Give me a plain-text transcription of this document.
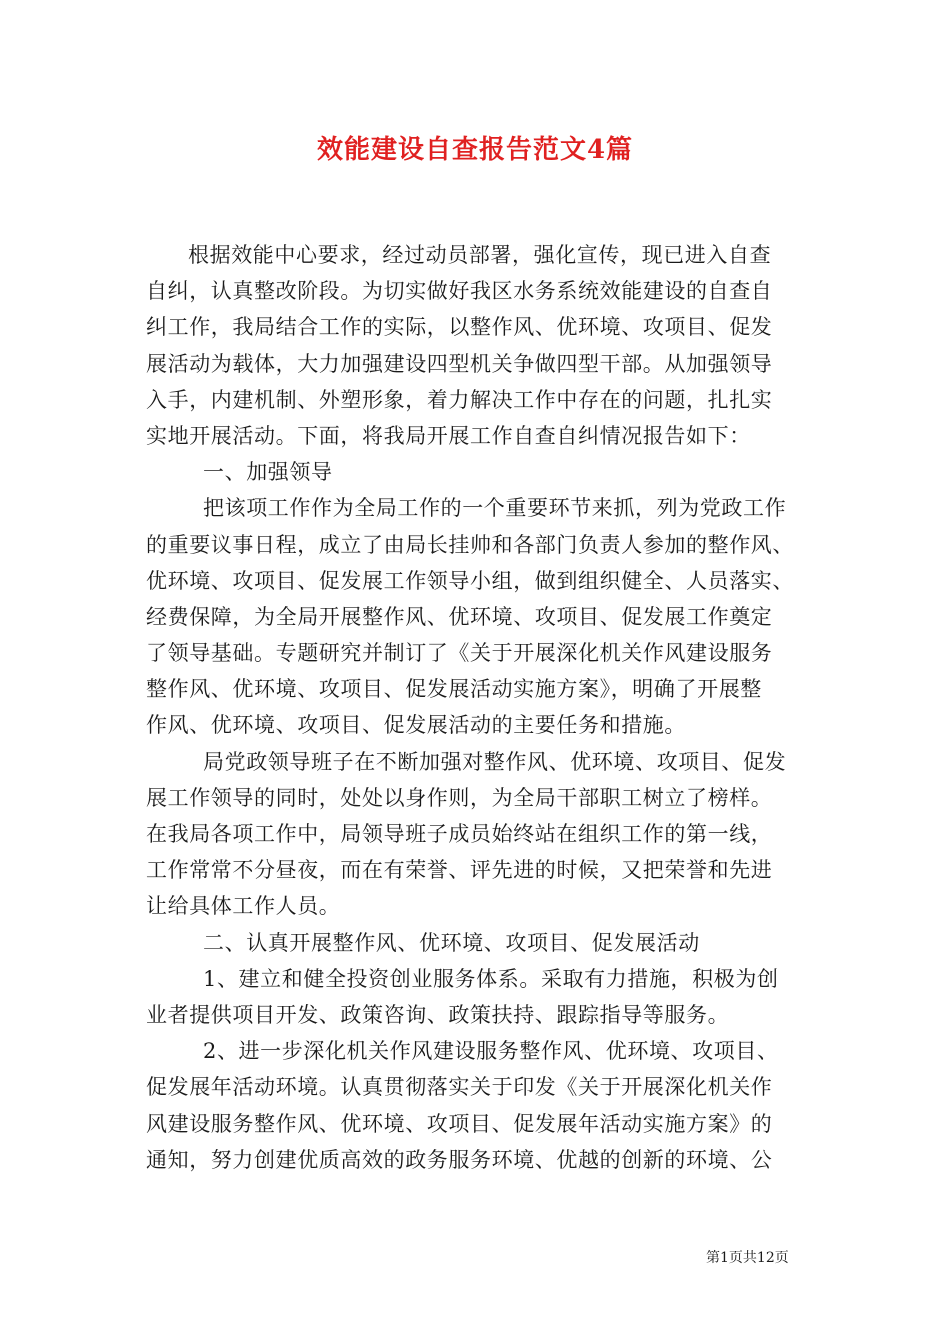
效能建设自查报告范文4篇
根据效能中心要求，经过动员部署，强化宣传，现已进入自查
自纠，认真整改阶段。为切实做好我区水务系统效能建设的自查自
纠工作，我局结合工作的实际，以整作风、优环境、攻项目、促发
展活动为载体，大力加强建设四型机关争做四型干部。从加强领导
入手，内建机制、外塑形象，着力解决工作中存在的问题，扎扎实
实地开展活动。下面，将我局开展工作自查自纠情况报告如下：
一、加强领导
把该项工作作为全局工作的一个重要环节来抓，列为党政工作
的重要议事日程，成立了由局长挂帅和各部门负责人参加的整作风、
优环境、攻项目、促发展工作领导小组，做到组织健全、人员落实、
经费保障，为全局开展整作风、优环境、攻项目、促发展工作奠定
了领导基础。专题研究并制订了《关于开展深化机关作风建设服务
整作风、优环境、攻项目、促发展活动实施方案》，明确了开展整
作风、优环境、攻项目、促发展活动的主要任务和措施。
局党政领导班子在不断加强对整作风、优环境、攻项目、促发
展工作领导的同时，处处以身作则，为全局干部职工树立了榜样。
在我局各项工作中，局领导班子成员始终站在组织工作的第一线，
工作常常不分昼夜，而在有荣誉、评先进的时候，又把荣誉和先进
让给具体工作人员。
二、认真开展整作风、优环境、攻项目、促发展活动
1、建立和健全投资创业服务体系。采取有力措施，积极为创
业者提供项目开发、政策咨询、政策扶持、跟踪指导等服务。
2、进一步深化机关作风建设服务整作风、优环境、攻项目、
促发展年活动环境。认真贯彻落实关于印发《关于开展深化机关作
风建设服务整作风、优环境、攻项目、促发展年活动实施方案》的
通知，努力创建优质高效的政务服务环境、优越的创新的环境、公
第1页共12页
